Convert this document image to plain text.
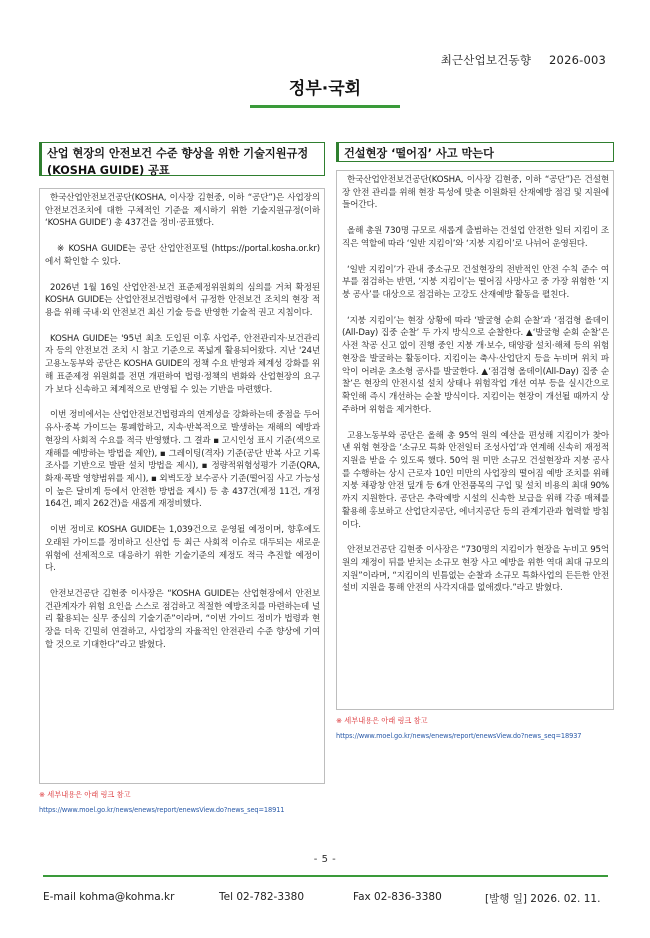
최근산업보건동향 2026-003
정부·국회
산업 현장의 안전보건 수준 향상을 위한 기술지원규정(KOSHA GUIDE) 공표

한국산업안전보건공단(KOSHA, 이사장 김현중, 이하 “공단”)은 사업장의 안전보건조치에 대한 구체적인 기준을 제시하기 위한 기술지원규정(이하 ‘KOSHA GUIDE’) 총 437건을 정비·공표했다.

※ KOSHA GUIDE는 공단 산업안전포털 (https://portal.kosha.or.kr)에서 확인할 수 있다.

2026년 1월 16일 산업안전·보건 표준제정위원회의 심의를 거쳐 확정된 KOSHA GUIDE는 산업안전보건법령에서 규정한 안전보건 조치의 현장 적용을 위해 국내·외 안전보건 최신 기술 등을 반영한 기술적 권고 지침이다.

KOSHA GUIDE는 '95년 최초 도입된 이후 사업주, 안전관리자·보건관리자 등의 안전보건 조치 시 참고 기준으로 폭넓게 활용되어왔다. 지난 '24년 고용노동부와 공단은 KOSHA GUIDE의 정책 수요 반영과 체계성 강화를 위해 표준제정 위원회를 전면 개편하여 법령·정책의 변화와 산업현장의 요구가 보다 신속하고 체계적으로 반영될 수 있는 기반을 마련했다.

이번 정비에서는 산업안전보건법령과의 연계성을 강화하는데 중점을 두어 유사·중복 가이드는 통폐합하고, 지속·반복적으로 발생하는 재해의 예방과 현장의 사회적 수요를 적극 반영했다. 그 결과 ▪ 고시인성 표시 기준(색으로 재해를 예방하는 방법을 제안), ▪ 그레이팅(격자) 기준(공단 반복 사고 기록조사를 기반으로 발판 설치 방법을 제시), ▪ 정량적위험성평가 기준(QRA, 화재·폭발 영향범위를 제시), ▪ 외벽도장 보수공사 기준(떨어짐 사고 가능성이 높은 달비계 등에서 안전한 방법을 제시) 등 총 437건(제정 11건, 개정 164건, 폐지 262건)을 새롭게 재정비했다.

이번 정비로 KOSHA GUIDE는 1,039건으로 운영될 예정이며, 향후에도 오래된 가이드를 정비하고 신산업 등 최근 사회적 이슈로 대두되는 새로운 위험에 선제적으로 대응하기 위한 기술기준의 제정도 적극 추진할 예정이다.

안전보건공단 김현중 이사장은 “KOSHA GUIDE는 산업현장에서 안전보건관계자가 위험 요인을 스스로 점검하고 적절한 예방조치를 마련하는데 널리 활용되는 실무 중심의 기술기준”이라며, “이번 가이드 정비가 법령과 현장을 더욱 긴밀히 연결하고, 사업장의 자율적인 안전관리 수준 향상에 기여할 것으로 기대한다”라고 밝혔다.

※ 세부내용은 아래 링크 참고
https://www.moel.go.kr/news/enews/report/enewsView.do?news_seq=18911
건설현장 ‘떨어짐’ 사고 막는다

한국산업안전보건공단(KOSHA, 이사장 김현중, 이하 “공단”)은 건설현장 안전 관리를 위해 현장 특성에 맞춘 이원화된 산재예방 점검 및 지원에 들어간다.

올해 총원 730명 규모로 새롭게 출범하는 건설업 안전한 일터 지킴이 조직은 역할에 따라 ‘일반 지킴이’와 ‘지붕 지킴이’로 나뉘어 운영된다.

‘일반 지킴이’가 관내 중소규모 건설현장의 전반적인 안전 수칙 준수 여부를 점검하는 반면, ‘지붕 지킴이’는 떨어짐 사망사고 중 가장 위험한 ‘지붕 공사’를 대상으로 점검하는 고강도 산재예방 활동을 펼친다.

‘지붕 지킴이’는 현장 상황에 따라 ‘발굴형 순회 순찰’과 ‘점검형 올데이(All-Day) 집중 순찰’ 두 가지 방식으로 순찰한다. ▲‘발굴형 순회 순찰’은 사전 착공 신고 없이 진행 중인 지붕 개·보수, 태양광 설치·해체 등의 위험 현장을 발굴하는 활동이다. 지킴이는 축사·산업단지 등을 누비며 위치 파악이 어려운 초소형 공사를 발굴한다. ▲‘점검형 올데이(All-Day) 집중 순찰’은 현장의 안전시설 설치 상태나 위험작업 개선 여부 등을 실시간으로 확인해 즉시 개선하는 순찰 방식이다. 지킴이는 현장이 개선될 때까지 상주하며 위험을 제거한다.

고용노동부와 공단은 올해 총 95억 원의 예산을 편성해 지킴이가 찾아낸 위험 현장을 ‘소규모 특화 안전일터 조성사업’과 연계해 신속히 재정적 지원을 받을 수 있도록 했다. 50억 원 미만 소규모 건설현장과 지붕 공사를 수행하는 상시 근로자 10인 미만의 사업장의 떨어짐 예방 조치를 위해 지붕 채광창 안전 덮개 등 6개 안전품목의 구입 및 설치 비용의 최대 90%까지 지원한다. 공단은 추락예방 시설의 신속한 보급을 위해 각종 매체를 활용해 홍보하고 산업단지공단, 에너지공단 등의 관계기관과 협력할 방침이다.

안전보건공단 김현중 이사장은 “730명의 지킴이가 현장을 누비고 95억 원의 재정이 뒤를 받치는 소규모 현장 사고 예방을 위한 역대 최대 규모의 지원”이라며, “지킴이의 빈틈없는 순찰과 소규모 특화사업의 든든한 안전설비 지원을 통해 안전의 사각지대를 없애겠다.”라고 밝혔다.

※ 세부내용은 아래 링크 참고
https://www.moel.go.kr/news/enews/report/enewsView.do?news_seq=18937
- 5 -
E-mail kohma@kohma.kr	Tel 02-782-3380	Fax 02-836-3380	[발행 일] 2026. 02. 11.
